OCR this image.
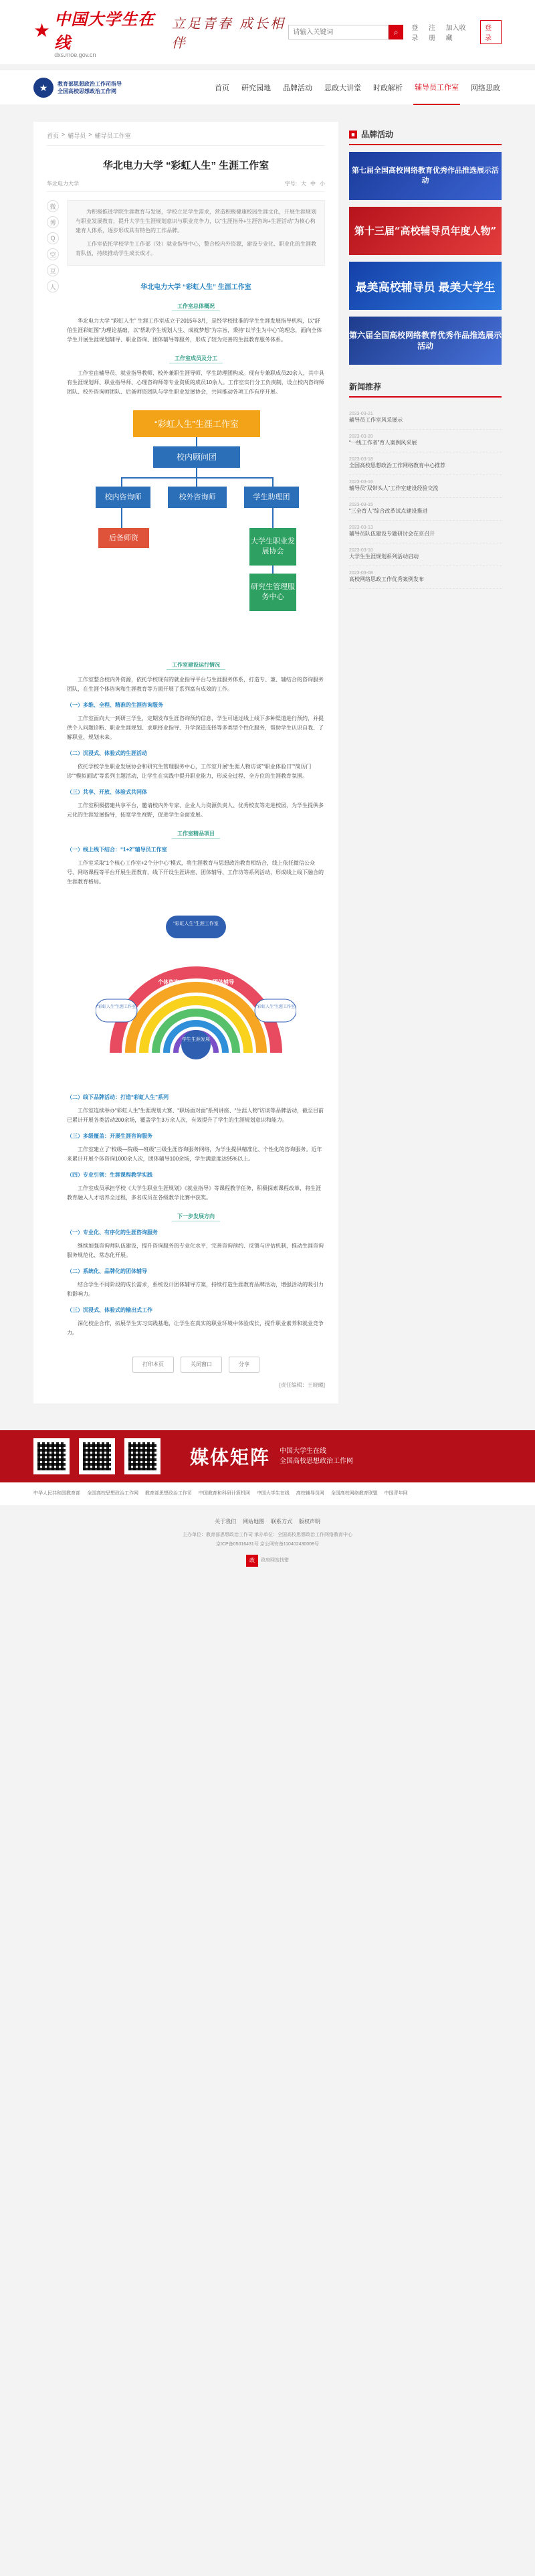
★
中国大学生在线
dxs.moe.gov.cn
立足青春 成长相伴
请输入关键词
⌕ 登录
注册
加入收藏
登录
★	教育部思想政治工作司指导
全国高校思想政治工作网	首页 研究园地 品牌活动 思政大讲堂 时政解析 辅导员工作室 网络思政
首页 > 辅导员 > 辅导员工作室
华北电力大学 “彩虹人生” 生涯工作室
华北电力大学	字号: 大 中 小
微
博
Q
空
豆
人

为积极推进学院生涯教育与发展，学校立足学生需求，营造积极健康校园生涯文化，开展生涯规划与职业发展教育，提升大学生生涯规划意识与职业竞争力，以“生涯指导+生涯咨询+生涯活动”为核心构建育人体系，逐步形成具有特色的工作品牌。

工作室依托学校学生工作部（处）就业指导中心，整合校内外资源，建设专业化、职业化的生涯教育队伍，持续推动学生成长成才。

华北电力大学 “彩虹人生” 生涯工作室
工作室总体概况

华北电力大学 “彩虹人生” 生涯工作室成立于2015年3月，是经学校批准的学生生涯发展指导机构，以“舒伯生涯彩虹图”为理论基础，以“帮助学生规划人生、成就梦想”为宗旨，秉持“以学生为中心”的理念，面向全体学生开展生涯规划辅导、职业咨询、团体辅导等服务，形成了较为完善的生涯教育服务体系。

工作室成员及分工

工作室由辅导员、就业指导教师、校外兼职生涯导师、学生助理团构成。现有专兼职成员20余人，其中具有生涯规划师、职业指导师、心理咨询师等专业资质的成员10余人。工作室实行分工负责制，设立校内咨询师团队、校外咨询师团队、后备师资团队与学生职业发展协会，共同推动各项工作有序开展。

“彩虹人生”生涯工作室
校内顾问团
校内咨询师	校外咨询师	学生助理团
后备师资	大学生职业发展协会
研究生管理服务中心
工作室建设运行情况

工作室整合校内外资源，依托学校现有的就业指导平台与生涯服务体系，打造专、兼、辅结合的咨询服务团队，在生涯个体咨询和生涯教育等方面开展了系列富有成效的工作。

（一）多维、全程、精准的生涯咨询服务

工作室面向大一到研三学生，定期发布生涯咨询预约信息，学生可通过线上线下多种渠道进行预约，并提供个人问题诊断、职业生涯规划、求职择业指导、升学深造选择等多类型个性化服务，帮助学生认识自我、了解职业、规划未来。

（二）沉浸式、体验式的生涯活动

依托学校学生职业发展协会和研究生管理服务中心，工作室开展“生涯人物访谈”“职业体验日”“简历门诊”“模拟面试”等系列主题活动，让学生在实践中提升职业能力，形成全过程、全方位的生涯教育氛围。

（三）共享、开放、体验式共同体

工作室积极搭建共享平台，邀请校内外专家、企业人力资源负责人、优秀校友等走进校园，为学生提供多元化的生涯发展指导，拓宽学生视野，促进学生全面发展。

工作室精品项目
（一）线上线下结合：“1+2”辅导员工作室

工作室采取“1个核心工作室+2个分中心”模式，将生涯教育与思想政治教育相结合，线上依托微信公众号、网络课程等平台开展生涯教育，线下开设生涯讲座、团体辅导、工作坊等系列活动，形成线上线下融合的生涯教育格局。

“彩虹人生”生涯工作室
“彩虹人生”生涯工作室	“彩虹人生”生涯工作室
个体咨询	团体辅导
学生生涯发展
（二）线下品牌活动：打造“彩虹人生”系列

工作室连续举办“彩虹人生”生涯规划大赛、“职场面对面”系列讲座、“生涯人物”访谈等品牌活动，截至目前已累计开展各类活动200余场，覆盖学生3万余人次，有效提升了学生的生涯规划意识和能力。

（三）多级覆盖：开展生涯咨询服务

工作室建立了“校级—院级—班级”三级生涯咨询服务网络，为学生提供精准化、个性化的咨询服务。近年来累计开展个体咨询1000余人次，团体辅导100余场，学生满意度达95%以上。

（四）专业引领：生涯课程教学实践

工作室成员承担学校《大学生职业生涯规划》《就业指导》等课程教学任务，积极探索课程改革，将生涯教育融入人才培养全过程，多名成员在各级教学比赛中获奖。

下一步发展方向
（一）专业化、有序化的生涯咨询服务

继续加强咨询师队伍建设，提升咨询服务的专业化水平，完善咨询预约、反馈与评估机制，推动生涯咨询服务规范化、常态化开展。

（二）系统化、品牌化的团体辅导

结合学生不同阶段的成长需求，系统设计团体辅导方案，持续打造生涯教育品牌活动，增强活动的吸引力和影响力。

（三）沉浸式、体验式的输出式工作

深化校企合作，拓展学生实习实践基地，让学生在真实的职业环境中体验成长，提升职业素养和就业竞争力。

打印本页	关闭窗口	分享
[责任编辑：王晓曦]
■ 品牌活动
第七届全国高校网络教育优秀作品推选展示活动
第十三届“高校辅导员年度人物”
最美高校辅导员 最美大学生
第六届全国高校网络教育优秀作品推选展示活动
新闻推荐
2023-03-21
辅导员工作室风采展示
2023-03-20
“一线工作者”育人案例风采展
2023-03-18
全国高校思想政治工作网络教育中心推荐
2023-03-16
辅导员“双带头人”工作室建设经验交流
2023-03-15
“三全育人”综合改革试点建设推进
2023-03-13
辅导员队伍建设专题研讨会在京召开
2023-03-10
大学生生涯规划系列活动启动
2023-03-08
高校网络思政工作优秀案例发布
媒体矩阵 中国大学生在线
全国高校思想政治工作网
中华人民共和国教育部 全国高校思想政治工作网 教育部思想政治工作司 中国教育和科研计算机网 中国大学生在线 高校辅导员网 全国高校网络教育联盟 中国青年网
关于我们 网站地图 联系方式 版权声明
主办单位：教育部思想政治工作司 承办单位：全国高校思想政治工作网络教育中心
京ICP备05016431号 京公网安备110402430008号
政	政府网站找错
